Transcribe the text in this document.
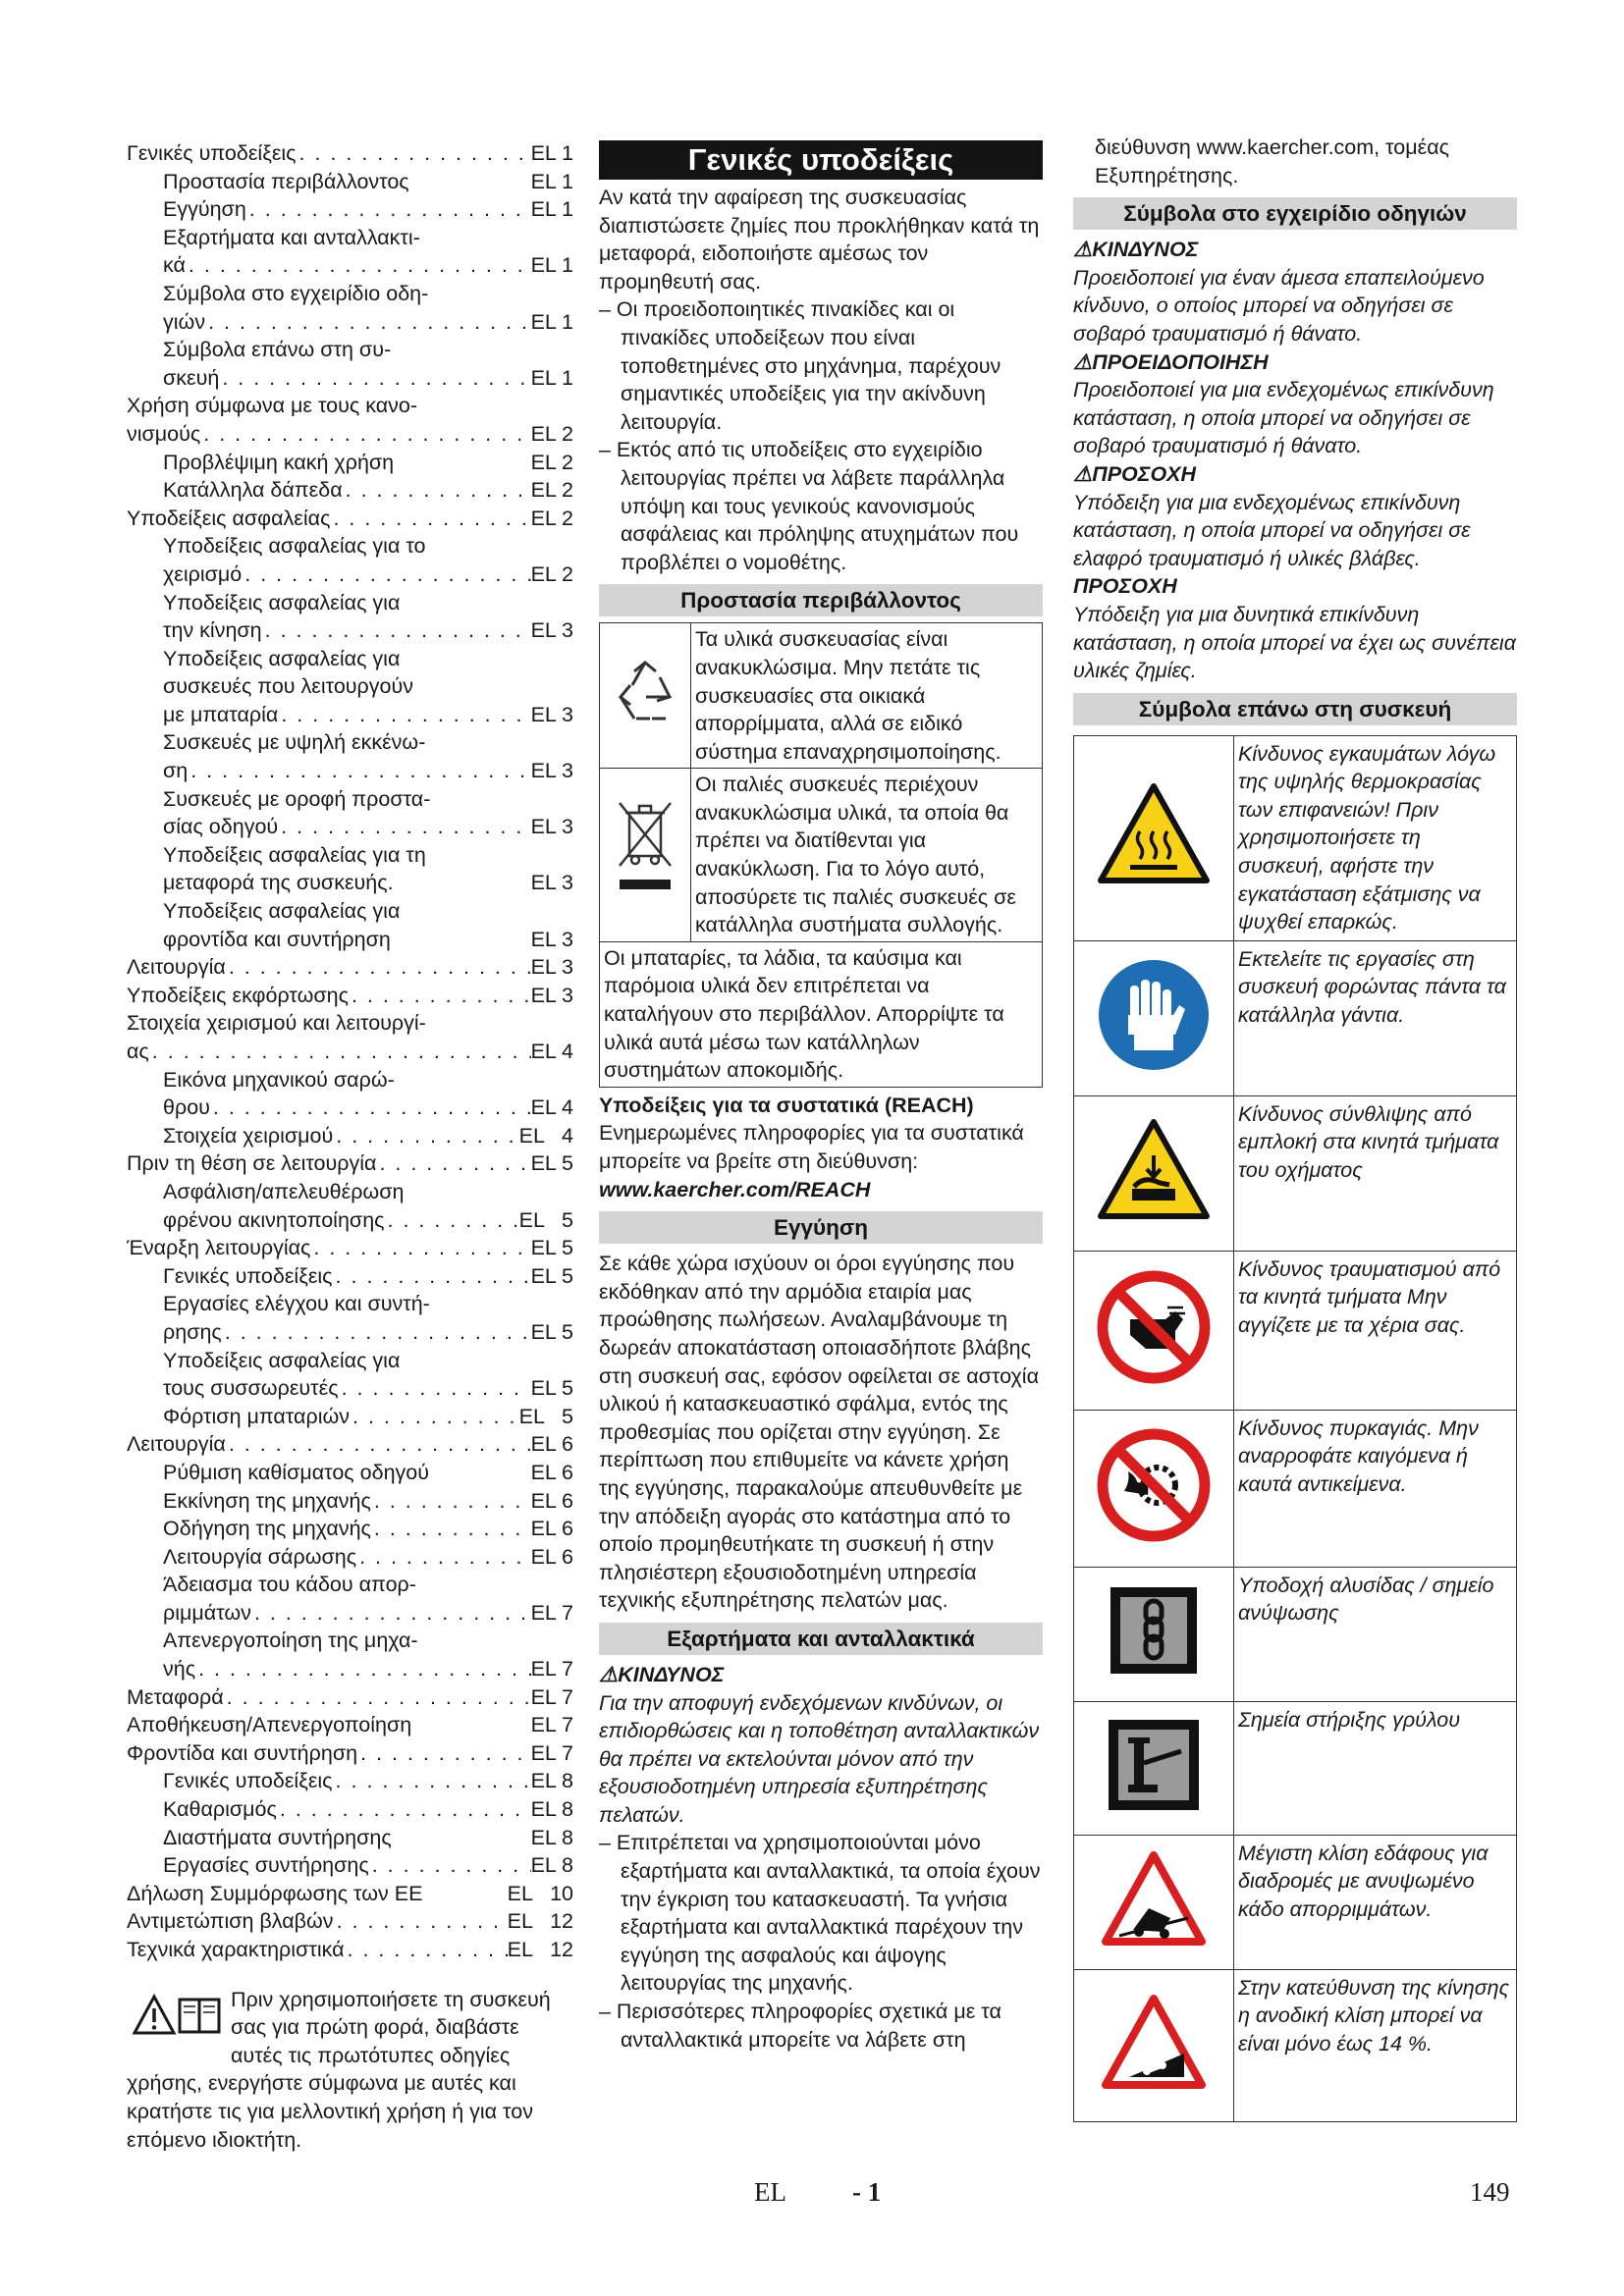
Γενικές υποδείξεις . . .	EL 1
Προστασία περιβάλλοντος	EL 1
Εγγύηση . . .	EL 1
Εξαρτήματα και ανταλλακτι-
κά . . .	EL 1
Σύμβολα στο εγχειρίδιο οδη-
γιών . . .	EL 1
Σύμβολα επάνω στη συ-
σκευή . . .	EL 1
Χρήση σύμφωνα με τους κανο-
νισμούς . . .	EL 2
Προβλέψιμη κακή χρήση	EL 2
Κατάλληλα δάπεδα . . .	EL 2
Υποδείξεις ασφαλείας . . .	EL 2
Υποδείξεις ασφαλείας για το
χειρισμό . . .	EL 2
Υποδείξεις ασφαλείας για
την κίνηση . . .	EL 3
Υποδείξεις ασφαλείας για
συσκευές που λειτουργούν
με μπαταρία . . .	EL 3
Συσκευές με υψηλή εκκένω-
ση . . .	EL 3
Συσκευές με οροφή προστα-
σίας οδηγού . . .	EL 3
Υποδείξεις ασφαλείας για τη
μεταφορά της συσκευής.	EL 3
Υποδείξεις ασφαλείας για
φροντίδα και συντήρηση	EL 3
Λειτουργία . . .	EL 3
Υποδείξεις εκφόρτωσης . . .	EL 3
Στοιχεία χειρισμού και λειτουργί-
ας . . .	EL 4
Εικόνα μηχανικού σαρώ-
θρου . . .	EL 4
Στοιχεία χειρισμού . . .	EL   4
Πριν τη θέση σε λειτουργία . . .	EL 5
Ασφάλιση/απελευθέρωση
φρένου ακινητοποίησης . . .	EL   5
Έναρξη λειτουργίας . . .	EL 5
Γενικές υποδείξεις . . .	EL 5
Εργασίες ελέγχου και συντή-
ρησης . . .	EL 5
Υποδείξεις ασφαλείας για
τους συσσωρευτές . . .	EL 5
Φόρτιση μπαταριών . . .	EL   5
Λειτουργία . . .	EL 6
Ρύθμιση καθίσματος οδηγού	EL 6
Εκκίνηση της μηχανής . . .	EL 6
Οδήγηση της μηχανής . . .	EL 6
Λειτουργία σάρωσης . . .	EL 6
Άδειασμα του κάδου απορ-
ριμμάτων . . .	EL 7
Απενεργοποίηση της μηχα-
νής . . .	EL 7
Μεταφορά . . .	EL 7
Αποθήκευση/Απενεργοποίηση	EL 7
Φροντίδα και συντήρηση . . .	EL 7
Γενικές υποδείξεις . . .	EL 8
Καθαρισμός . . .	EL 8
Διαστήματα συντήρησης	EL 8
Εργασίες συντήρησης . . .	EL 8
Δήλωση Συμμόρφωσης των ΕΕ	EL   10
Αντιμετώπιση βλαβών . . .	EL   12
Τεχνικά χαρακτηριστικά . . .	EL   12
Πριν χρησιμοποιήσετε τη συσκευή σας για πρώτη φορά, διαβάστε αυτές τις πρωτότυπες οδηγίες χρήσης, ενεργήστε σύμφωνα με αυτές και κρατήστε τις για μελλοντική χρήση ή για τον επόμενο ιδιοκτήτη.
Γενικές υποδείξεις

Αν κατά την αφαίρεση της συσκευασίας διαπιστώσετε ζημίες που προκλήθηκαν κατά τη μεταφορά, ειδοποιήστε αμέσως τον προμηθευτή σας.

– Οι προειδοποιητικές πινακίδες και οι πινακίδες υποδείξεων που είναι τοποθετημένες στο μηχάνημα, παρέχουν σημαντικές υποδείξεις για την ακίνδυνη λειτουργία.

– Εκτός από τις υποδείξεις στο εγχειρίδιο λειτουργίας πρέπει να λάβετε παράλληλα υπόψη και τους γενικούς κανονισμούς ασφάλειας και πρόληψης ατυχημάτων που προβλέπει ο νομοθέτης.

Προστασία περιβάλλοντος
	Τα υλικά συσκευασίας είναι ανακυκλώσιμα. Μην πετάτε τις συσκευασίες στα οικιακά απορρίμματα, αλλά σε ειδικό σύστημα επαναχρησιμοποίησης.
	Οι παλιές συσκευές περιέχουν ανακυκλώσιμα υλικά, τα οποία θα πρέπει να διατίθενται για ανακύκλωση. Για το λόγο αυτό, αποσύρετε τις παλιές συσκευές σε κατάλληλα συστήματα συλλογής.
Οι μπαταρίες, τα λάδια, τα καύσιμα και παρόμοια υλικά δεν επιτρέπεται να καταλήγουν στο περιβάλλον. Απορρίψτε τα υλικά αυτά μέσω των κατάλληλων συστημάτων αποκομιδής.	

Υποδείξεις για τα συστατικά (REACH)

Ενημερωμένες πληροφορίες για τα συστατικά μπορείτε να βρείτε στη διεύθυνση:

www.kaercher.com/REACH

Εγγύηση

Σε κάθε χώρα ισχύουν οι όροι εγγύησης που εκδόθηκαν από την αρμόδια εταιρία μας προώθησης πωλήσεων. Αναλαμβάνουμε τη δωρεάν αποκατάσταση οποιασδήποτε βλάβης στη συσκευή σας, εφόσον οφείλεται σε αστοχία υλικού ή κατασκευαστικό σφάλμα, εντός της προθεσμίας που ορίζεται στην εγγύηση. Σε περίπτωση που επιθυμείτε να κάνετε χρήση της εγγύησης, παρακαλούμε απευθυνθείτε με την απόδειξη αγοράς στο κατάστημα από το οποίο προμηθευτήκατε τη συσκευή ή στην πλησιέστερη εξουσιοδοτημένη υπηρεσία τεχνικής εξυπηρέτησης πελατών μας.

Εξαρτήματα και ανταλλακτικά

⚠ΚΙΝΔΥΝΟΣ

Για την αποφυγή ενδεχόμενων κινδύνων, οι επιδιορθώσεις και η τοποθέτηση ανταλλακτικών θα πρέπει να εκτελούνται μόνον από την εξουσιοδοτημένη υπηρεσία εξυπηρέτησης πελατών.

– Επιτρέπεται να χρησιμοποιούνται μόνο εξαρτήματα και ανταλλακτικά, τα οποία έχουν την έγκριση του κατασκευαστή. Τα γνήσια εξαρτήματα και ανταλλακτικά παρέχουν την εγγύηση της ασφαλούς και άψογης λειτουργίας της μηχανής.

– Περισσότερες πληροφορίες σχετικά με τα ανταλλακτικά μπορείτε να λάβετε στη

διεύθυνση www.kaercher.com, τομέας Εξυπηρέτησης.

Σύμβολα στο εγχειρίδιο οδηγιών

⚠ΚΙΝΔΥΝΟΣ

Προειδοποιεί για έναν άμεσα επαπειλούμενο κίνδυνο, ο οποίος μπορεί να οδηγήσει σε σοβαρό τραυματισμό ή θάνατο.

⚠ΠΡΟΕΙΔΟΠΟΙΗΣΗ

Προειδοποιεί για μια ενδεχομένως επικίνδυνη κατάσταση, η οποία μπορεί να οδηγήσει σε σοβαρό τραυματισμό ή θάνατο.

⚠ΠΡΟΣΟΧΗ

Υπόδειξη για μια ενδεχομένως επικίνδυνη κατάσταση, η οποία μπορεί να οδηγήσει σε ελαφρό τραυματισμό ή υλικές βλάβες.

ΠΡΟΣΟΧΗ

Υπόδειξη για μια δυνητικά επικίνδυνη κατάσταση, η οποία μπορεί να έχει ως συνέπεια υλικές ζημίες.

Σύμβολα επάνω στη συσκευή
	Κίνδυνος εγκαυμάτων λόγω της υψηλής θερμοκρασίας των επιφανειών! Πριν χρησιμοποιήσετε τη συσκευή, αφήστε την εγκατάσταση εξάτμισης να ψυχθεί επαρκώς.
	Εκτελείτε τις εργασίες στη συσκευή φορώντας πάντα τα κατάλληλα γάντια.
	Κίνδυνος σύνθλιψης από εμπλοκή στα κινητά τμήματα του οχήματος
	Κίνδυνος τραυματισμού από τα κινητά τμήματα Μην αγγίζετε με τα χέρια σας.
	Κίνδυνος πυρκαγιάς. Μην αναρροφάτε καιγόμενα ή καυτά αντικείμενα.
	Υποδοχή αλυσίδας / σημείο ανύψωσης
	Σημεία στήριξης γρύλου
	Μέγιστη κλίση εδάφους για διαδρομές με ανυψωμένο κάδο απορριμμάτων.
	Στην κατεύθυνση της κίνησης η ανοδική κλίση μπορεί να είναι μόνο έως 14 %.
EL - 1	149
